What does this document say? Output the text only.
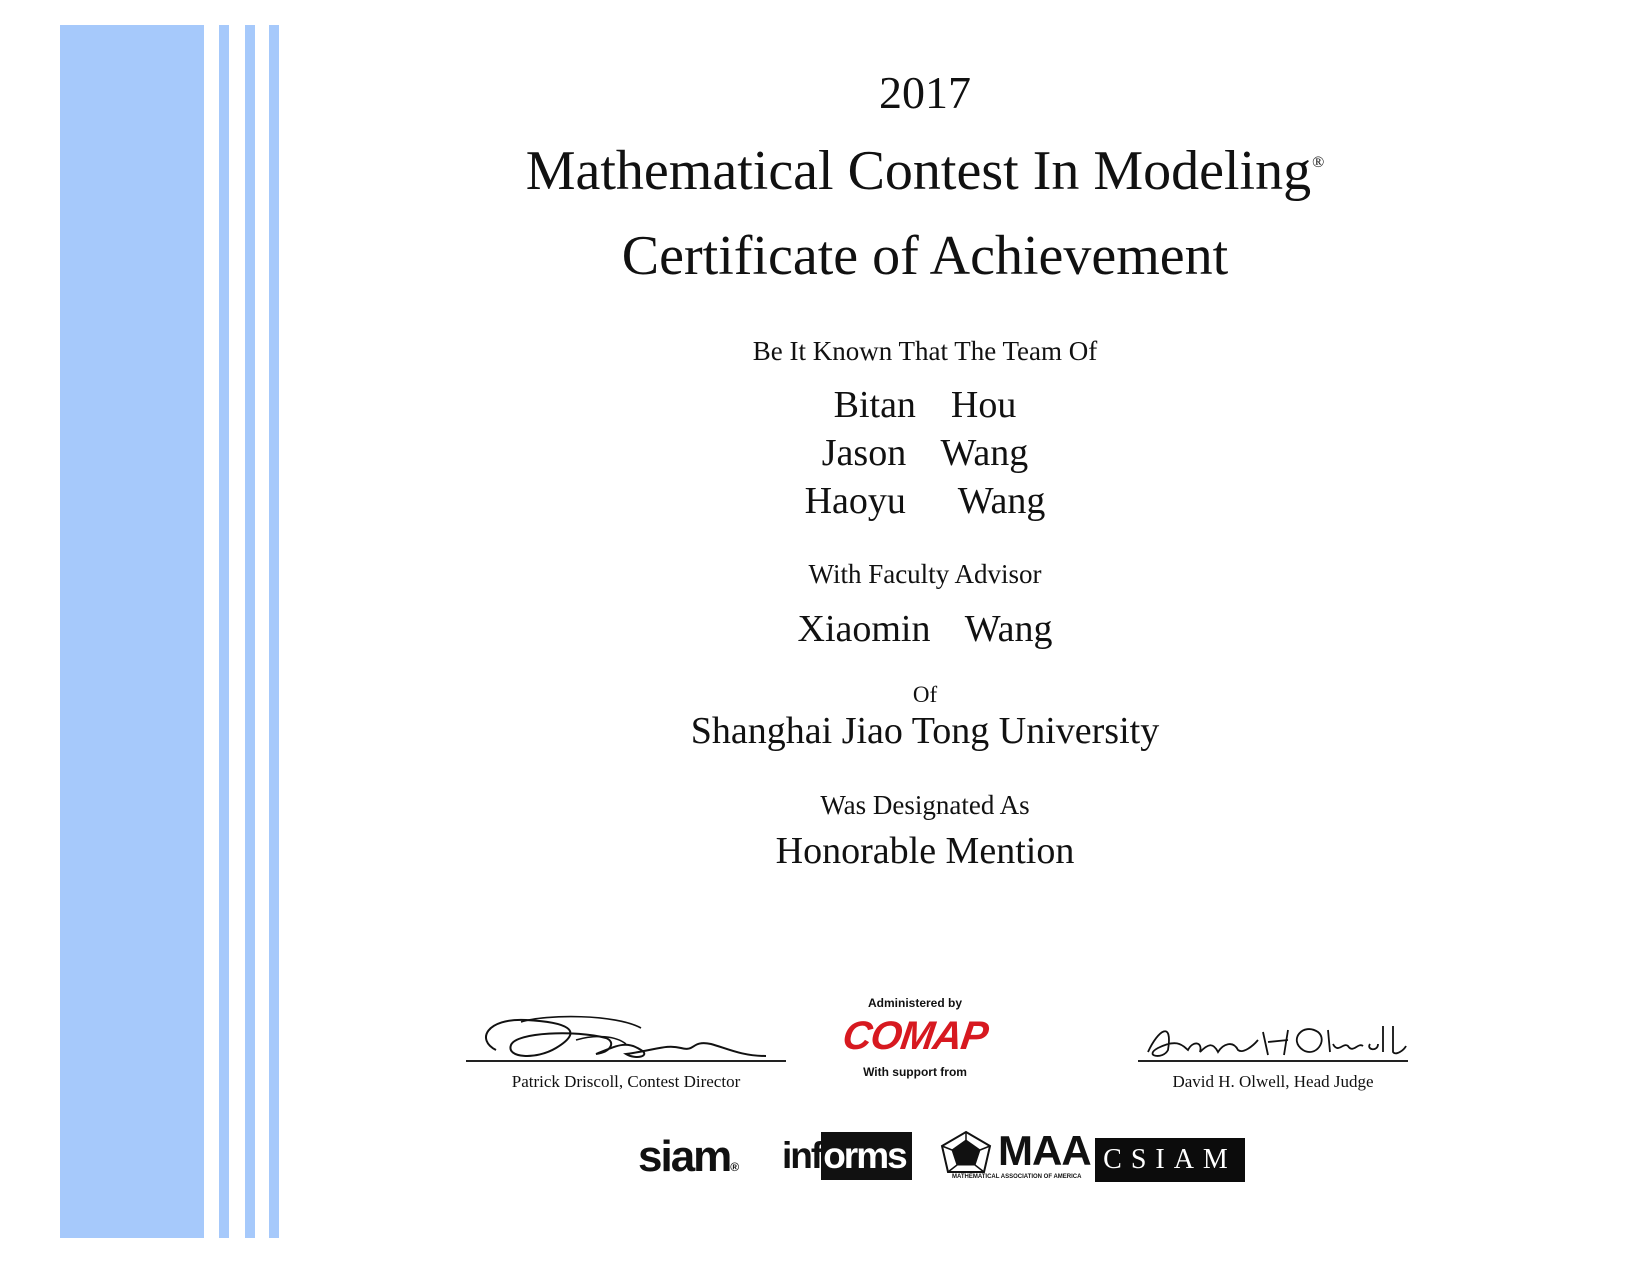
2017
Mathematical Contest In Modeling®
Certificate of Achievement
Be It Known That The Team Of
Bitan  Hou
Jason  Wang
Haoyu   Wang
With Faculty Advisor
Xiaomin  Wang
Of
Shanghai Jiao Tong University
Was Designated As
Honorable Mention
Patrick Driscoll, Contest Director
Administered by
COMAP
With support from	David H. Olwell, Head Judge
siam® informs MAA
MATHEMATICAL ASSOCIATION OF AMERICA
CSIAM
